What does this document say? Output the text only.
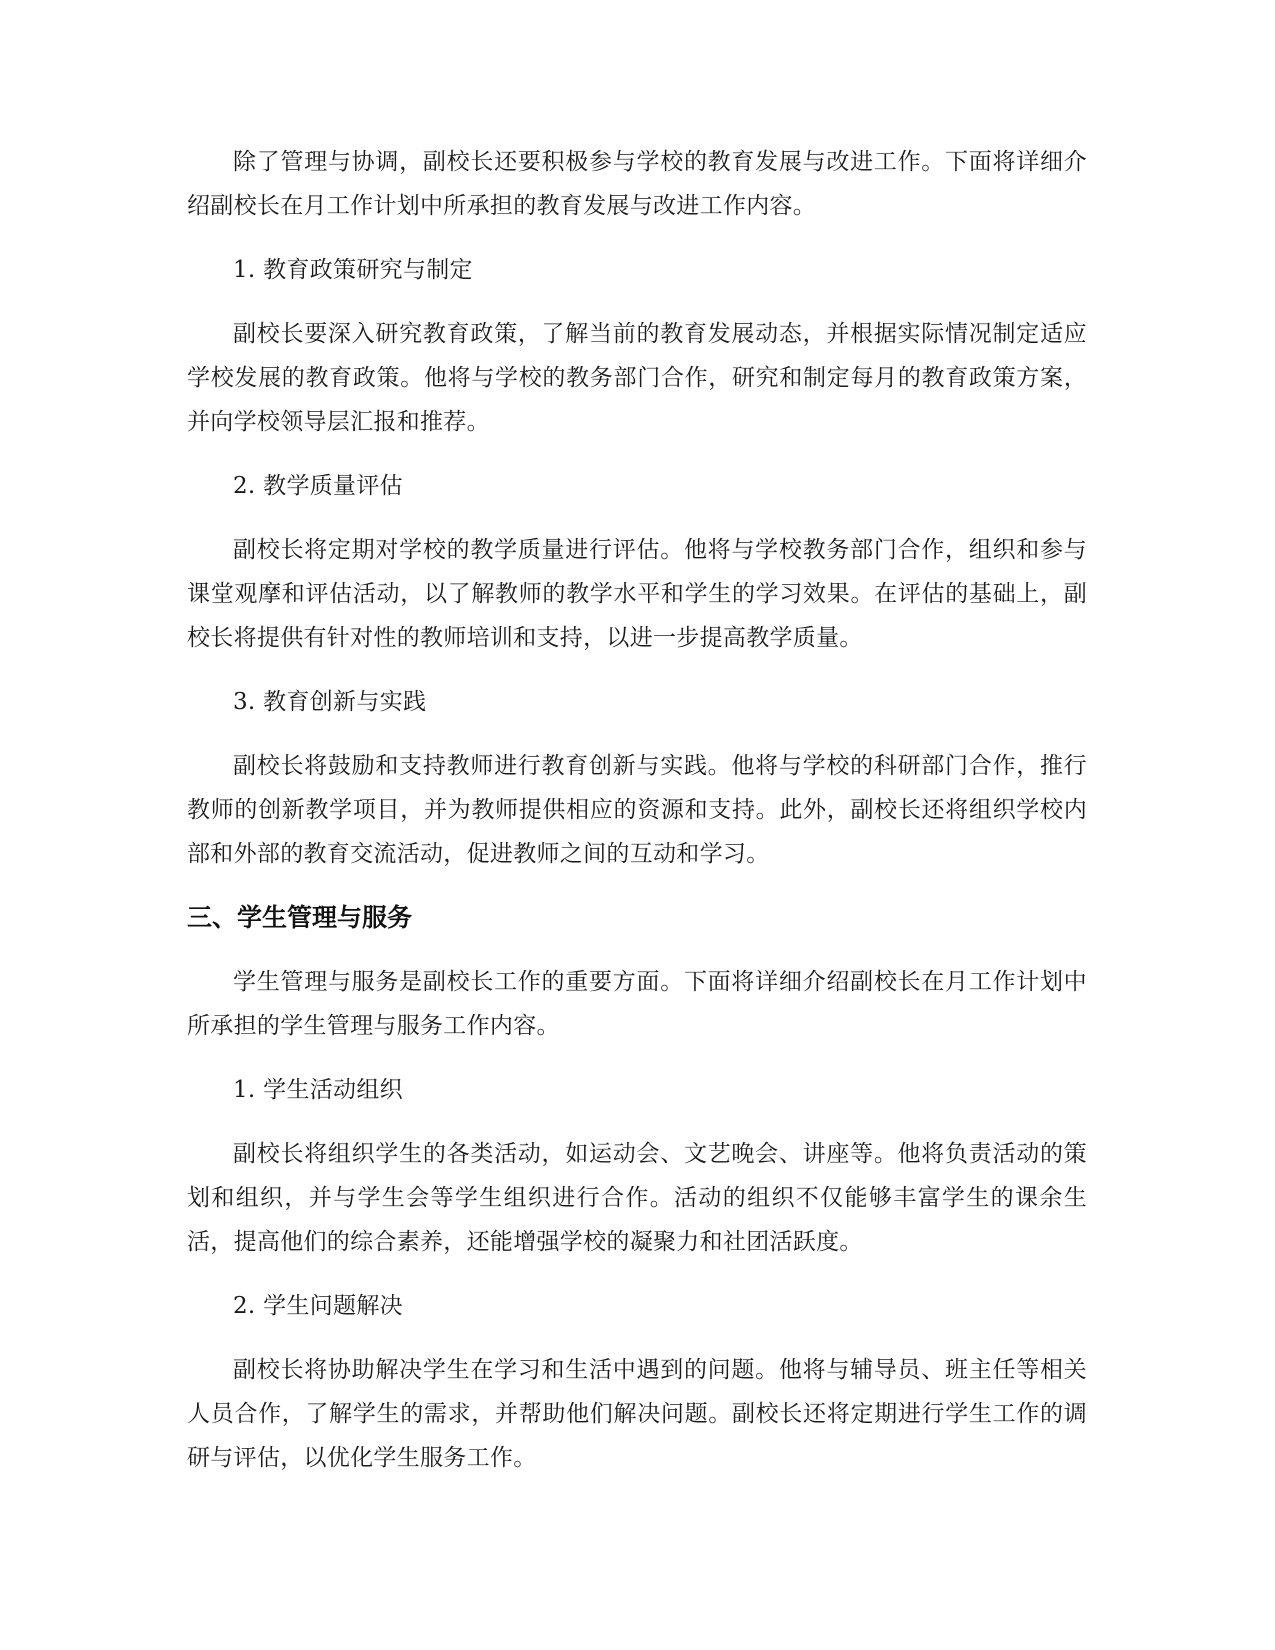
除了管理与协调，副校长还要积极参与学校的教育发展与改进工作。下面将详细介绍副校长在月工作计划中所承担的教育发展与改进工作内容。

1. 教育政策研究与制定

副校长要深入研究教育政策，了解当前的教育发展动态，并根据实际情况制定适应学校发展的教育政策。他将与学校的教务部门合作，研究和制定每月的教育政策方案，并向学校领导层汇报和推荐。

2. 教学质量评估

副校长将定期对学校的教学质量进行评估。他将与学校教务部门合作，组织和参与课堂观摩和评估活动，以了解教师的教学水平和学生的学习效果。在评估的基础上，副校长将提供有针对性的教师培训和支持，以进一步提高教学质量。

3. 教育创新与实践

副校长将鼓励和支持教师进行教育创新与实践。他将与学校的科研部门合作，推行教师的创新教学项目，并为教师提供相应的资源和支持。此外，副校长还将组织学校内部和外部的教育交流活动，促进教师之间的互动和学习。

三、学生管理与服务

学生管理与服务是副校长工作的重要方面。下面将详细介绍副校长在月工作计划中所承担的学生管理与服务工作内容。

1. 学生活动组织

副校长将组织学生的各类活动，如运动会、文艺晚会、讲座等。他将负责活动的策划和组织，并与学生会等学生组织进行合作。活动的组织不仅能够丰富学生的课余生活，提高他们的综合素养，还能增强学校的凝聚力和社团活跃度。

2. 学生问题解决

副校长将协助解决学生在学习和生活中遇到的问题。他将与辅导员、班主任等相关人员合作，了解学生的需求，并帮助他们解决问题。副校长还将定期进行学生工作的调研与评估，以优化学生服务工作。
